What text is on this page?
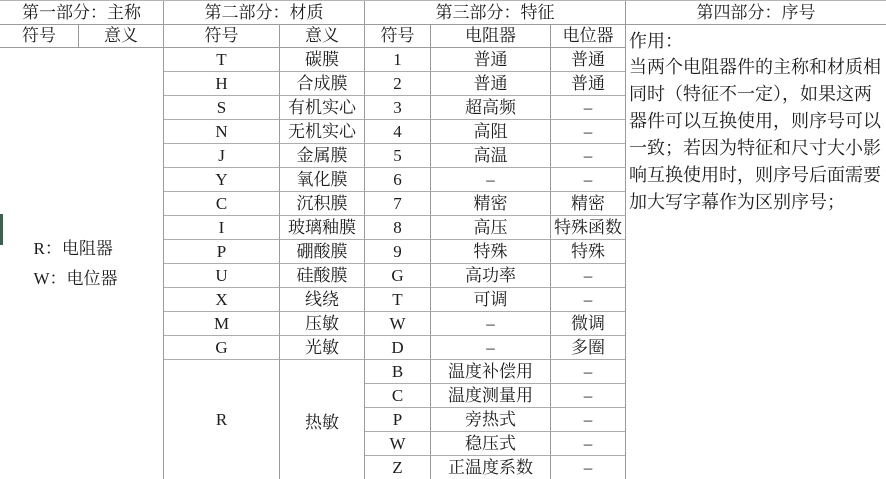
第一部分：主称
符号	意义
R：电阻器
W：电位器
第二部分：材质
符号	意义
T	碳膜
H	合成膜
S	有机实心
N	无机实心
J	金属膜
Y	氧化膜
C	沉积膜
I	玻璃釉膜
P	硼酸膜
U	硅酸膜
X	线绕
M	压敏
G	光敏
R	热敏
第三部分：特征
符号	电阻器	电位器
1	普通	普通
2	普通	普通
3	超高频	–
4	高阻	–
5	高温	–
6	–	–
7	精密	精密
8	高压	特殊函数
9	特殊	特殊
G	高功率	–
T	可调	–
W	–	微调
D	–	多圈
B	温度补偿用	–
C	温度测量用	–
P	旁热式	–
W	稳压式	–
Z	正温度系数	–
第四部分：序号
作用：
当两个电阻器件的主称和材质相同时（特征不一定），如果这两器件可以互换使用，则序号可以一致；若因为特征和尺寸大小影响互换使用时，则序号后面需要加大写字幕作为区别序号；
